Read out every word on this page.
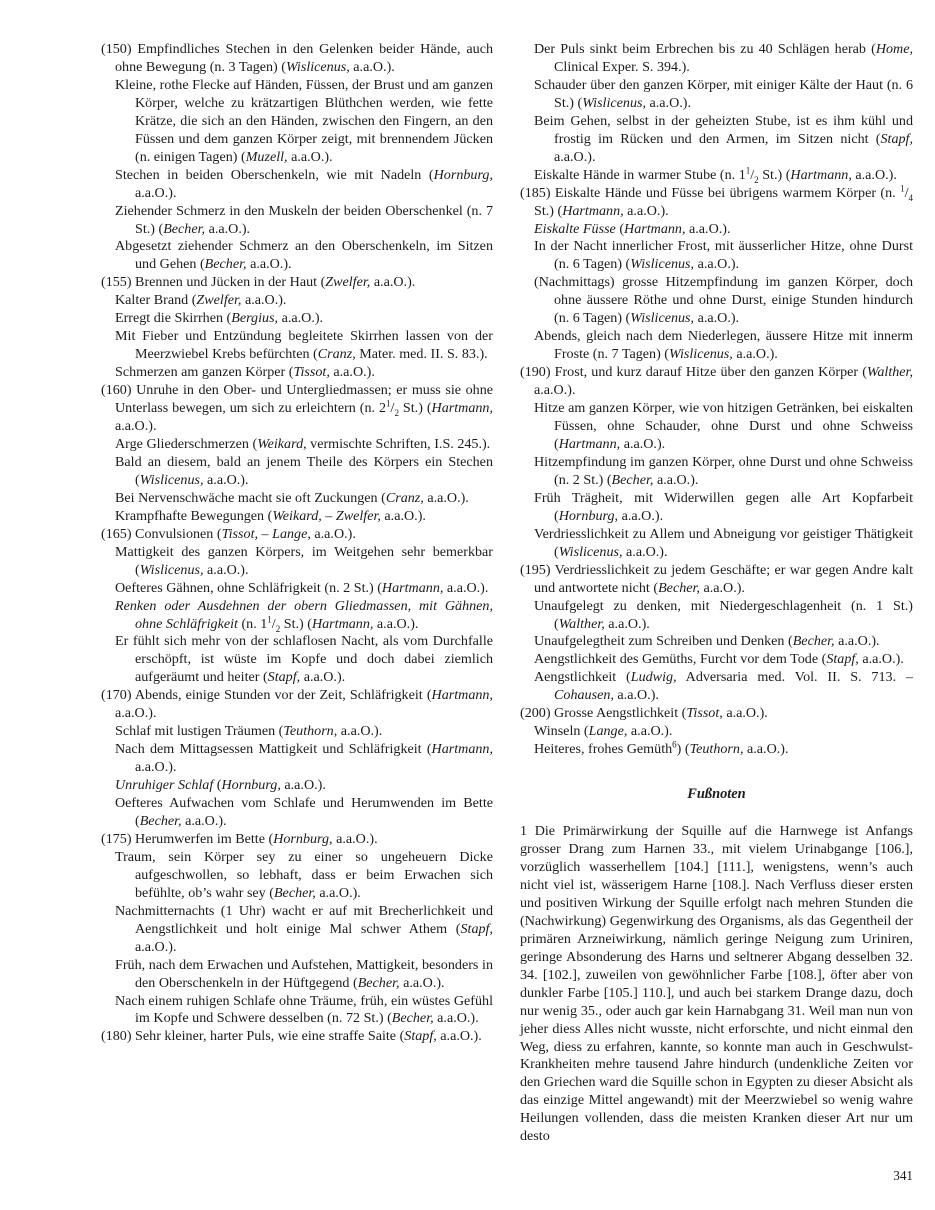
(150) Empfindliches Stechen in den Gelenken beider Hände, auch ohne Bewegung (n. 3 Tagen) (Wislicenus, a.a.O.).

Kleine, rothe Flecke auf Händen, Füssen, der Brust und am ganzen Körper, welche zu krätzartigen Blüthchen werden, wie fette Krätze, die sich an den Händen, zwischen den Fingern, an den Füssen und dem ganzen Körper zeigt, mit brennendem Jücken (n. einigen Tagen) (Muzell, a.a.O.).

Stechen in beiden Oberschenkeln, wie mit Nadeln (Hornburg, a.a.O.).

Ziehender Schmerz in den Muskeln der beiden Oberschenkel (n. 7 St.) (Becher, a.a.O.).

Abgesetzt ziehender Schmerz an den Oberschenkeln, im Sitzen und Gehen (Becher, a.a.O.).

(155) Brennen und Jücken in der Haut (Zwelfer, a.a.O.).

Kalter Brand (Zwelfer, a.a.O.).

Erregt die Skirrhen (Bergius, a.a.O.).

Mit Fieber und Entzündung begleitete Skirrhen lassen von der Meerzwiebel Krebs befürchten (Cranz, Mater. med. II. S. 83.).

Schmerzen am ganzen Körper (Tissot, a.a.O.).

(160) Unruhe in den Ober- und Untergliedmassen; er muss sie ohne Unterlass bewegen, um sich zu erleichtern (n. $2^1/_2$ St.) (Hartmann, a.a.O.).

Arge Gliederschmerzen (Weikard, vermischte Schriften, I.S. 245.).

Bald an diesem, bald an jenem Theile des Körpers ein Stechen (Wislicenus, a.a.O.).

Bei Nervenschwäche macht sie oft Zuckungen (Cranz, a.a.O.).

Krampfhafte Bewegungen (Weikard, – Zwelfer, a.a.O.).

(165) Convulsionen (Tissot, – Lange, a.a.O.).

Mattigkeit des ganzen Körpers, im Weitgehen sehr bemerkbar (Wislicenus, a.a.O.).

Oefteres Gähnen, ohne Schläfrigkeit (n. 2 St.) (Hartmann, a.a.O.).

Renken oder Ausdehnen der obern Gliedmassen, mit Gähnen, ohne Schläfrigkeit (n. $1^1/_2$ St.) (Hartmann, a.a.O.).

Er fühlt sich mehr von der schlaflosen Nacht, als vom Durchfalle erschöpft, ist wüste im Kopfe und doch dabei ziemlich aufgeräumt und heiter (Stapf, a.a.O.).

(170) Abends, einige Stunden vor der Zeit, Schläfrigkeit (Hartmann, a.a.O.).

Schlaf mit lustigen Träumen (Teuthorn, a.a.O.).

Nach dem Mittagsessen Mattigkeit und Schläfrigkeit (Hartmann, a.a.O.).

Unruhiger Schlaf (Hornburg, a.a.O.).

Oefteres Aufwachen vom Schlafe und Herumwenden im Bette (Becher, a.a.O.).

(175) Herumwerfen im Bette (Hornburg, a.a.O.).

Traum, sein Körper sey zu einer so ungeheuern Dicke aufgeschwollen, so lebhaft, dass er beim Erwachen sich befühlte, ob’s wahr sey (Becher, a.a.O.).

Nachmitternachts (1 Uhr) wacht er auf mit Brecherlichkeit und Aengstlichkeit und holt einige Mal schwer Athem (Stapf, a.a.O.).

Früh, nach dem Erwachen und Aufstehen, Mattigkeit, besonders in den Oberschenkeln in der Hüftgegend (Becher, a.a.O.).

Nach einem ruhigen Schlafe ohne Träume, früh, ein wüstes Gefühl im Kopfe und Schwere desselben (n. 72 St.) (Becher, a.a.O.).

(180) Sehr kleiner, harter Puls, wie eine straffe Saite (Stapf, a.a.O.).

Der Puls sinkt beim Erbrechen bis zu 40 Schlägen herab (Home, Clinical Exper. S. 394.).

Schauder über den ganzen Körper, mit einiger Kälte der Haut (n. 6 St.) (Wislicenus, a.a.O.).

Beim Gehen, selbst in der geheizten Stube, ist es ihm kühl und frostig im Rücken und den Armen, im Sitzen nicht (Stapf, a.a.O.).

Eiskalte Hände in warmer Stube (n. $1^1/_2$ St.) (Hartmann, a.a.O.).

(185) Eiskalte Hände und Füsse bei übrigens warmem Körper (n. $^1/_4$ St.) (Hartmann, a.a.O.).

Eiskalte Füsse (Hartmann, a.a.O.).

In der Nacht innerlicher Frost, mit äusserlicher Hitze, ohne Durst (n. 6 Tagen) (Wislicenus, a.a.O.).

(Nachmittags) grosse Hitzempfindung im ganzen Körper, doch ohne äussere Röthe und ohne Durst, einige Stunden hindurch (n. 6 Tagen) (Wislicenus, a.a.O.).

Abends, gleich nach dem Niederlegen, äussere Hitze mit innerm Froste (n. 7 Tagen) (Wislicenus, a.a.O.).

(190) Frost, und kurz darauf Hitze über den ganzen Körper (Walther, a.a.O.).

Hitze am ganzen Körper, wie von hitzigen Getränken, bei eiskalten Füssen, ohne Schauder, ohne Durst und ohne Schweiss (Hartmann, a.a.O.).

Hitzempfindung im ganzen Körper, ohne Durst und ohne Schweiss (n. 2 St.) (Becher, a.a.O.).

Früh Trägheit, mit Widerwillen gegen alle Art Kopfarbeit (Hornburg, a.a.O.).

Verdriesslichkeit zu Allem und Abneigung vor geistiger Thätigkeit (Wislicenus, a.a.O.).

(195) Verdriesslichkeit zu jedem Geschäfte; er war gegen Andre kalt und antwortete nicht (Becher, a.a.O.).

Unaufgelegt zu denken, mit Niedergeschlagenheit (n. 1 St.) (Walther, a.a.O.).

Unaufgelegtheit zum Schreiben und Denken (Becher, a.a.O.).

Aengstlichkeit des Gemüths, Furcht vor dem Tode (Stapf, a.a.O.).

Aengstlichkeit (Ludwig, Adversaria med. Vol. II. S. 713. – Cohausen, a.a.O.).

(200) Grosse Aengstlichkeit (Tissot, a.a.O.).

Winseln (Lange, a.a.O.).

Heiteres, frohes Gemüth$^6$) (Teuthorn, a.a.O.).

Fußnoten

1 Die Primärwirkung der Squille auf die Harnwege ist Anfangs grosser Drang zum Harnen 33., mit vielem Urinabgange [106.], vorzüglich wasserhellem [104.] [111.], wenigstens, wenn’s auch nicht viel ist, wässerigem Harne [108.]. Nach Verfluss dieser ersten und positiven Wirkung der Squille erfolgt nach mehren Stunden die (Nachwirkung) Gegenwirkung des Organisms, als das Gegentheil der primären Arzneiwirkung, nämlich geringe Neigung zum Uriniren, geringe Absonderung des Harns und seltnerer Abgang desselben 32. 34. [102.], zuweilen von gewöhnlicher Farbe [108.], öfter aber von dunkler Farbe [105.] 110.], und auch bei starkem Drange dazu, doch nur wenig 35., oder auch gar kein Harnabgang 31. Weil man nun von jeher diess Alles nicht wusste, nicht erforschte, und nicht einmal den Weg, diess zu erfahren, kannte, so konnte man auch in Geschwulst-Krankheiten mehre tausend Jahre hindurch (undenkliche Zeiten vor den Griechen ward die Squille schon in Egypten zu dieser Absicht als das einzige Mittel angewandt) mit der Meerzwiebel so wenig wahre Heilungen vollenden, dass die meisten Kranken dieser Art nur um desto

341
